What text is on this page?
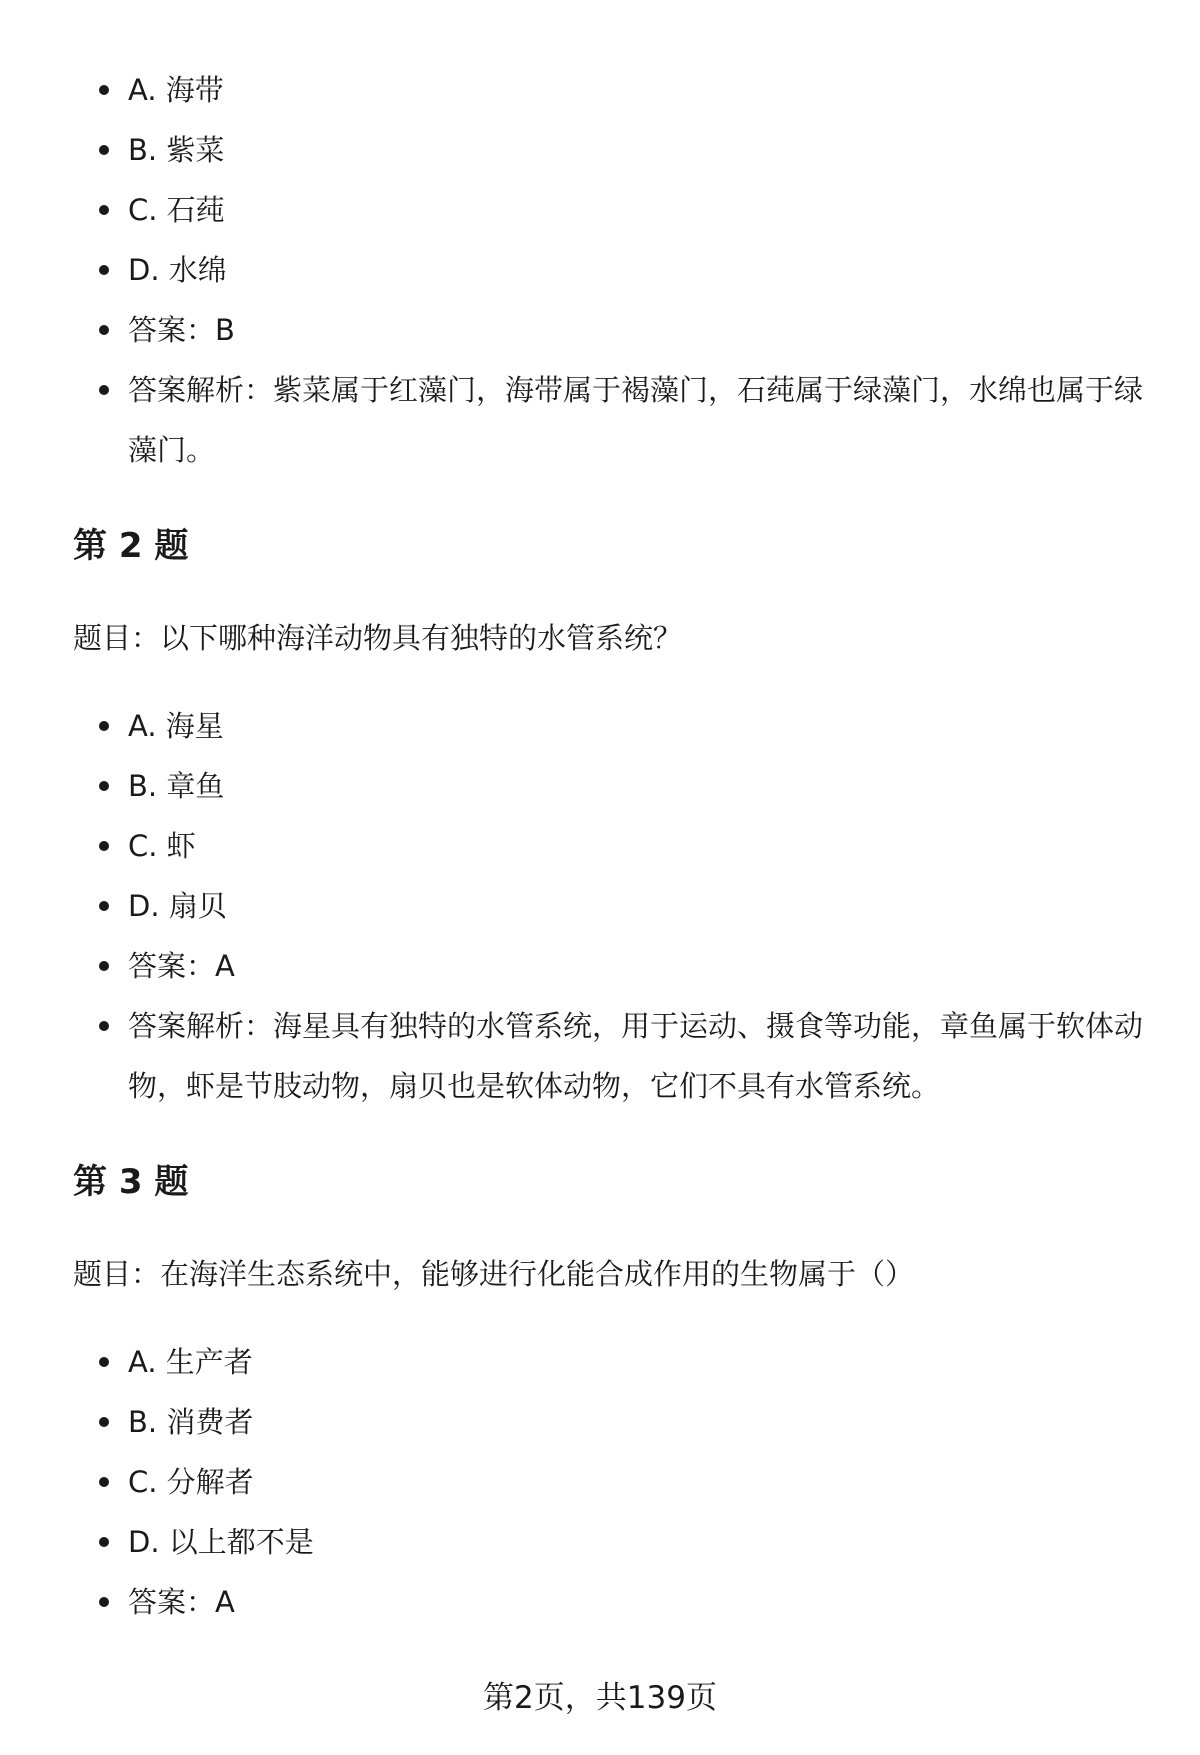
A. 海带
B. 紫菜
C. 石莼
D. 水绵
答案：B
答案解析：紫菜属于红藻门，海带属于褐藻门，石莼属于绿藻门，水绵也属于绿藻门。
第 2 题

题目：以下哪种海洋动物具有独特的水管系统？

A. 海星
B. 章鱼
C. 虾
D. 扇贝
答案：A
答案解析：海星具有独特的水管系统，用于运动、摄食等功能，章鱼属于软体动物，虾是节肢动物，扇贝也是软体动物，它们不具有水管系统。
第 3 题

题目：在海洋生态系统中，能够进行化能合成作用的生物属于（）

A. 生产者
B. 消费者
C. 分解者
D. 以上都不是
答案：A
第2页，共139页
